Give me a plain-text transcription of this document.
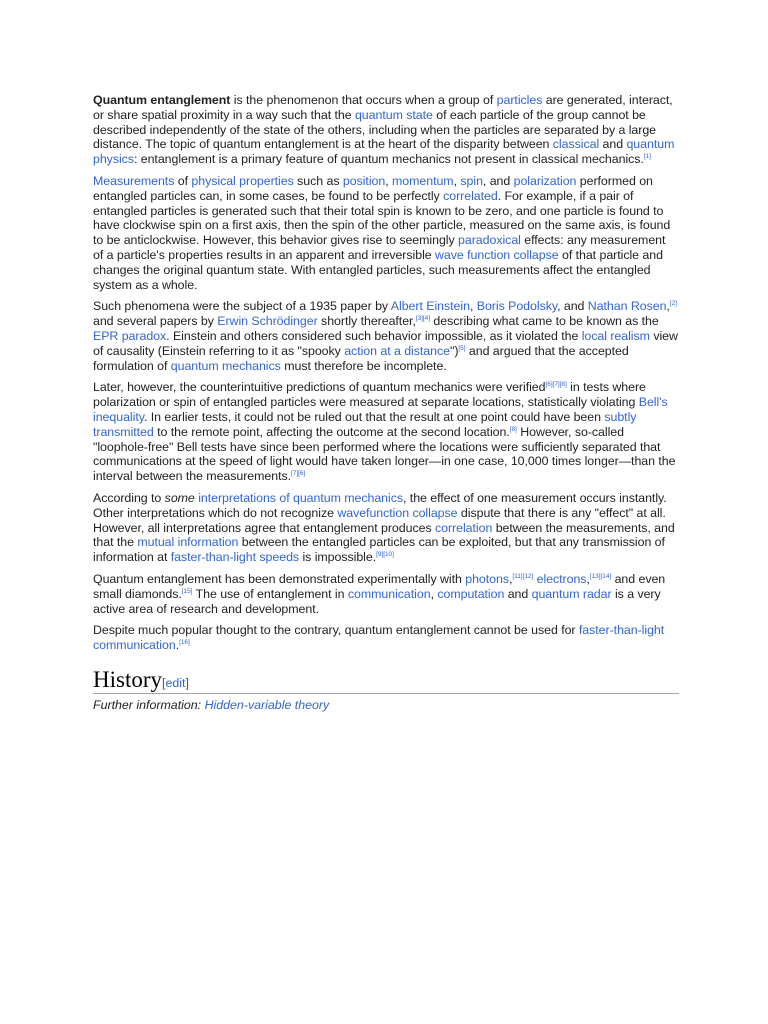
Quantum entanglement is the phenomenon that occurs when a group of particles are generated, interact, or share spatial proximity in a way such that the quantum state of each particle of the group cannot be described independently of the state of the others, including when the particles are separated by a large distance. The topic of quantum entanglement is at the heart of the disparity between classical and quantum physics: entanglement is a primary feature of quantum mechanics not present in classical mechanics.[1]

Measurements of physical properties such as position, momentum, spin, and polarization performed on entangled particles can, in some cases, be found to be perfectly correlated. For example, if a pair of entangled particles is generated such that their total spin is known to be zero, and one particle is found to have clockwise spin on a first axis, then the spin of the other particle, measured on the same axis, is found to be anticlockwise. However, this behavior gives rise to seemingly paradoxical effects: any measurement of a particle's properties results in an apparent and irreversible wave function collapse of that particle and changes the original quantum state. With entangled particles, such measurements affect the entangled system as a whole.

Such phenomena were the subject of a 1935 paper by Albert Einstein, Boris Podolsky, and Nathan Rosen,[2] and several papers by Erwin Schrödinger shortly thereafter,[3][4] describing what came to be known as the EPR paradox. Einstein and others considered such behavior impossible, as it violated the local realism view of causality (Einstein referring to it as "spooky action at a distance")[5] and argued that the accepted formulation of quantum mechanics must therefore be incomplete.

Later, however, the counterintuitive predictions of quantum mechanics were verified[6][7][8] in tests where polarization or spin of entangled particles were measured at separate locations, statistically violating Bell's inequality. In earlier tests, it could not be ruled out that the result at one point could have been subtly transmitted to the remote point, affecting the outcome at the second location.[8] However, so-called "loophole-free" Bell tests have since been performed where the locations were sufficiently separated that communications at the speed of light would have taken longer—in one case, 10,000 times longer—than the interval between the measurements.[7][6]

According to some interpretations of quantum mechanics, the effect of one measurement occurs instantly. Other interpretations which do not recognize wavefunction collapse dispute that there is any "effect" at all. However, all interpretations agree that entanglement produces correlation between the measurements, and that the mutual information between the entangled particles can be exploited, but that any transmission of information at faster-than-light speeds is impossible.[9][10]

Quantum entanglement has been demonstrated experimentally with photons,[11][12] electrons,[13][14] and even small diamonds.[15] The use of entanglement in communication, computation and quantum radar is a very active area of research and development.

Despite much popular thought to the contrary, quantum entanglement cannot be used for faster-than-light communication.[16]

History [edit]
Further information: Hidden-variable theory
